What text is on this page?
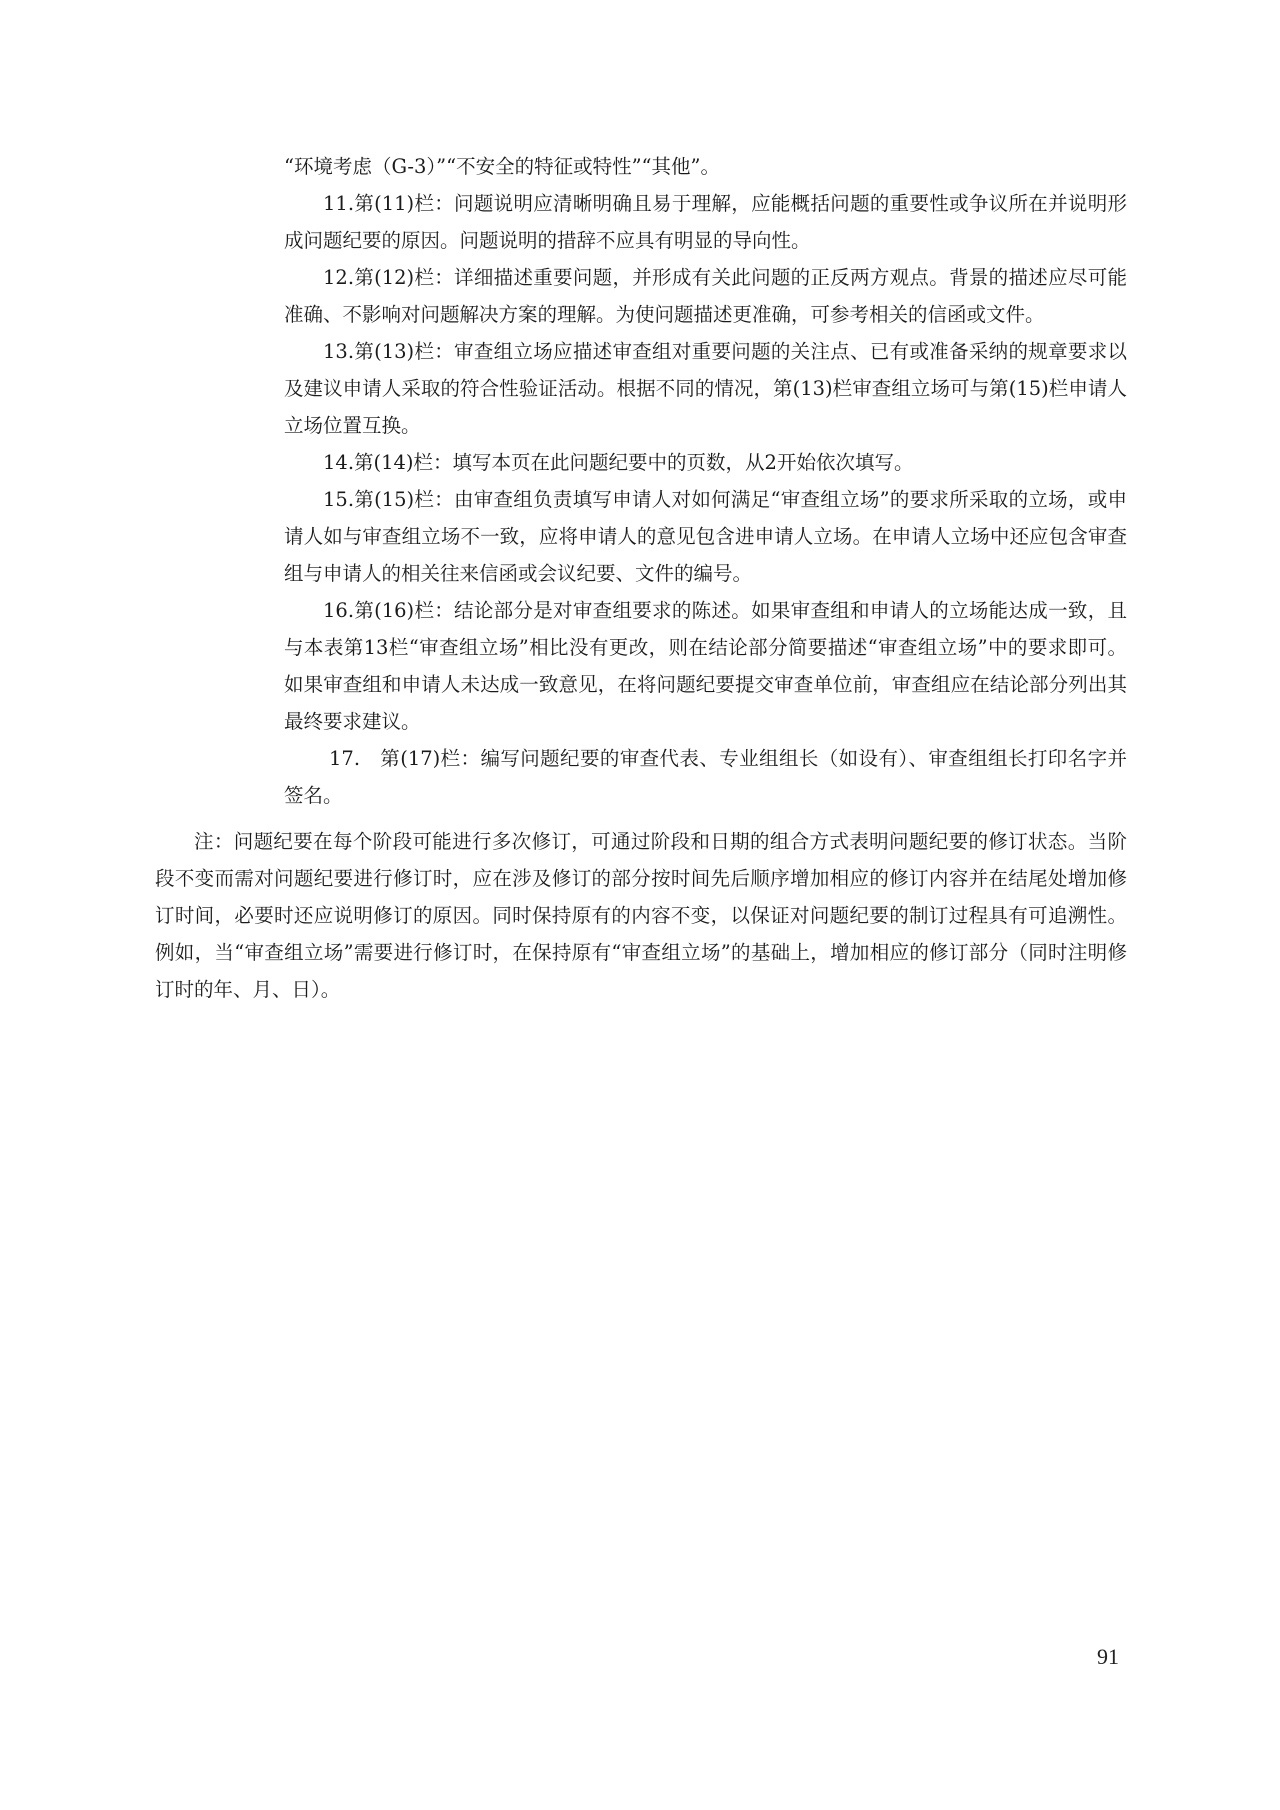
“环境考虑（G-3）”“不安全的特征或特性”“其他”。

11.第(11)栏：问题说明应清晰明确且易于理解，应能概括问题的重要性或争议所在并说明形成问题纪要的原因。问题说明的措辞不应具有明显的导向性。

12.第(12)栏：详细描述重要问题，并形成有关此问题的正反两方观点。背景的描述应尽可能准确、不影响对问题解决方案的理解。为使问题描述更准确，可参考相关的信函或文件。

13.第(13)栏：审查组立场应描述审查组对重要问题的关注点、已有或准备采纳的规章要求以及建议申请人采取的符合性验证活动。根据不同的情况，第(13)栏审查组立场可与第(15)栏申请人立场位置互换。

14.第(14)栏：填写本页在此问题纪要中的页数，从2开始依次填写。

15.第(15)栏：由审查组负责填写申请人对如何满足“审查组立场”的要求所采取的立场，或申请人如与审查组立场不一致，应将申请人的意见包含进申请人立场。在申请人立场中还应包含审查组与申请人的相关往来信函或会议纪要、文件的编号。

16.第(16)栏：结论部分是对审查组要求的陈述。如果审查组和申请人的立场能达成一致，且与本表第13栏“审查组立场”相比没有更改，则在结论部分简要描述“审查组立场”中的要求即可。如果审查组和申请人未达成一致意见，在将问题纪要提交审查单位前，审查组应在结论部分列出其最终要求建议。

17.　第(17)栏：编写问题纪要的审查代表、专业组组长（如设有）、审查组组长打印名字并签名。

注：问题纪要在每个阶段可能进行多次修订，可通过阶段和日期的组合方式表明问题纪要的修订状态。当阶段不变而需对问题纪要进行修订时，应在涉及修订的部分按时间先后顺序增加相应的修订内容并在结尾处增加修订时间，必要时还应说明修订的原因。同时保持原有的内容不变，以保证对问题纪要的制订过程具有可追溯性。例如，当“审查组立场”需要进行修订时，在保持原有“审查组立场”的基础上，增加相应的修订部分（同时注明修订时的年、月、日）。

91
